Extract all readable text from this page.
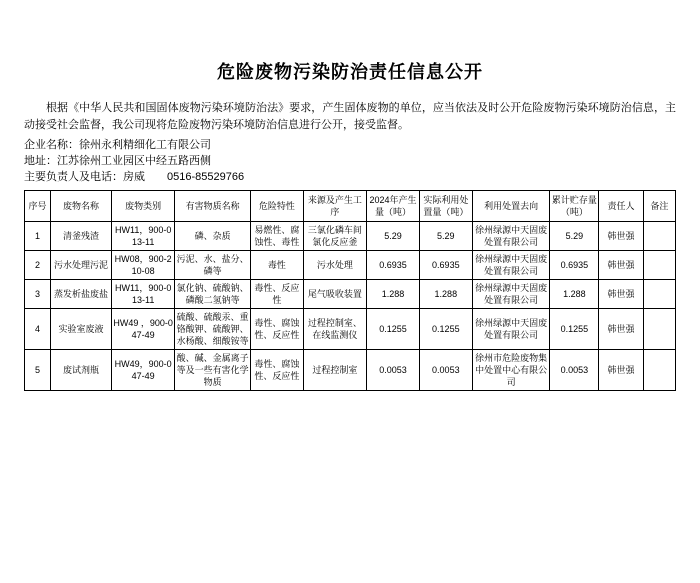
危险废物污染防治责任信息公开
根据《中华人民共和国固体废物污染环境防治法》要求，产生固体废物的单位，应当依法及时公开危险废物污染环境防治信息，主动接受社会监督，我公司现将危险废物污染环境防治信息进行公开，接受监督。
企业名称：徐州永利精细化工有限公司
地址：江苏徐州工业园区中经五路西侧
主要负责人及电话：房威 0516-85529766
序号	废物名称	废物类别	有害物质名称	危险特性	来源及产生工序	2024年产生量（吨）	实际利用处置量（吨）	利用处置去向	累计贮存量（吨）	责任人	备注
1	清釜残渣	HW11，900-013-11	磷、杂质	易燃性、腐蚀性、毒性	三氯化磷车间氯化反应釜	5.29	5.29	徐州绿源中天固废处置有限公司	5.29	韩世强	
2	污水处理污泥	HW08，900-210-08	污泥、水、盐分、磷等	毒性	污水处理	0.6935	0.6935	徐州绿源中天固废处置有限公司	0.6935	韩世强	
3	蒸发析盐废盐	HW11，900-013-11	氯化钠、硫酸钠、磷酸二氢钠等	毒性、反应性	尾气吸收装置	1.288	1.288	徐州绿源中天固废处置有限公司	1.288	韩世强	
4	实验室废液	HW49 ，900-047-49	硫酸、硫酸汞、重铬酸钾、硫酸钾、水杨酸、细酸铵等	毒性、腐蚀性、反应性	过程控制室、在线监测仪	0.1255	0.1255	徐州绿源中天固废处置有限公司	0.1255	韩世强	
5	废试剂瓶	HW49，900-047-49	酸、碱、金属离子等及一些有害化学物质	毒性、腐蚀性、反应性	过程控制室	0.0053	0.0053	徐州市危险废物集中处置中心有限公司	0.0053	韩世强	
